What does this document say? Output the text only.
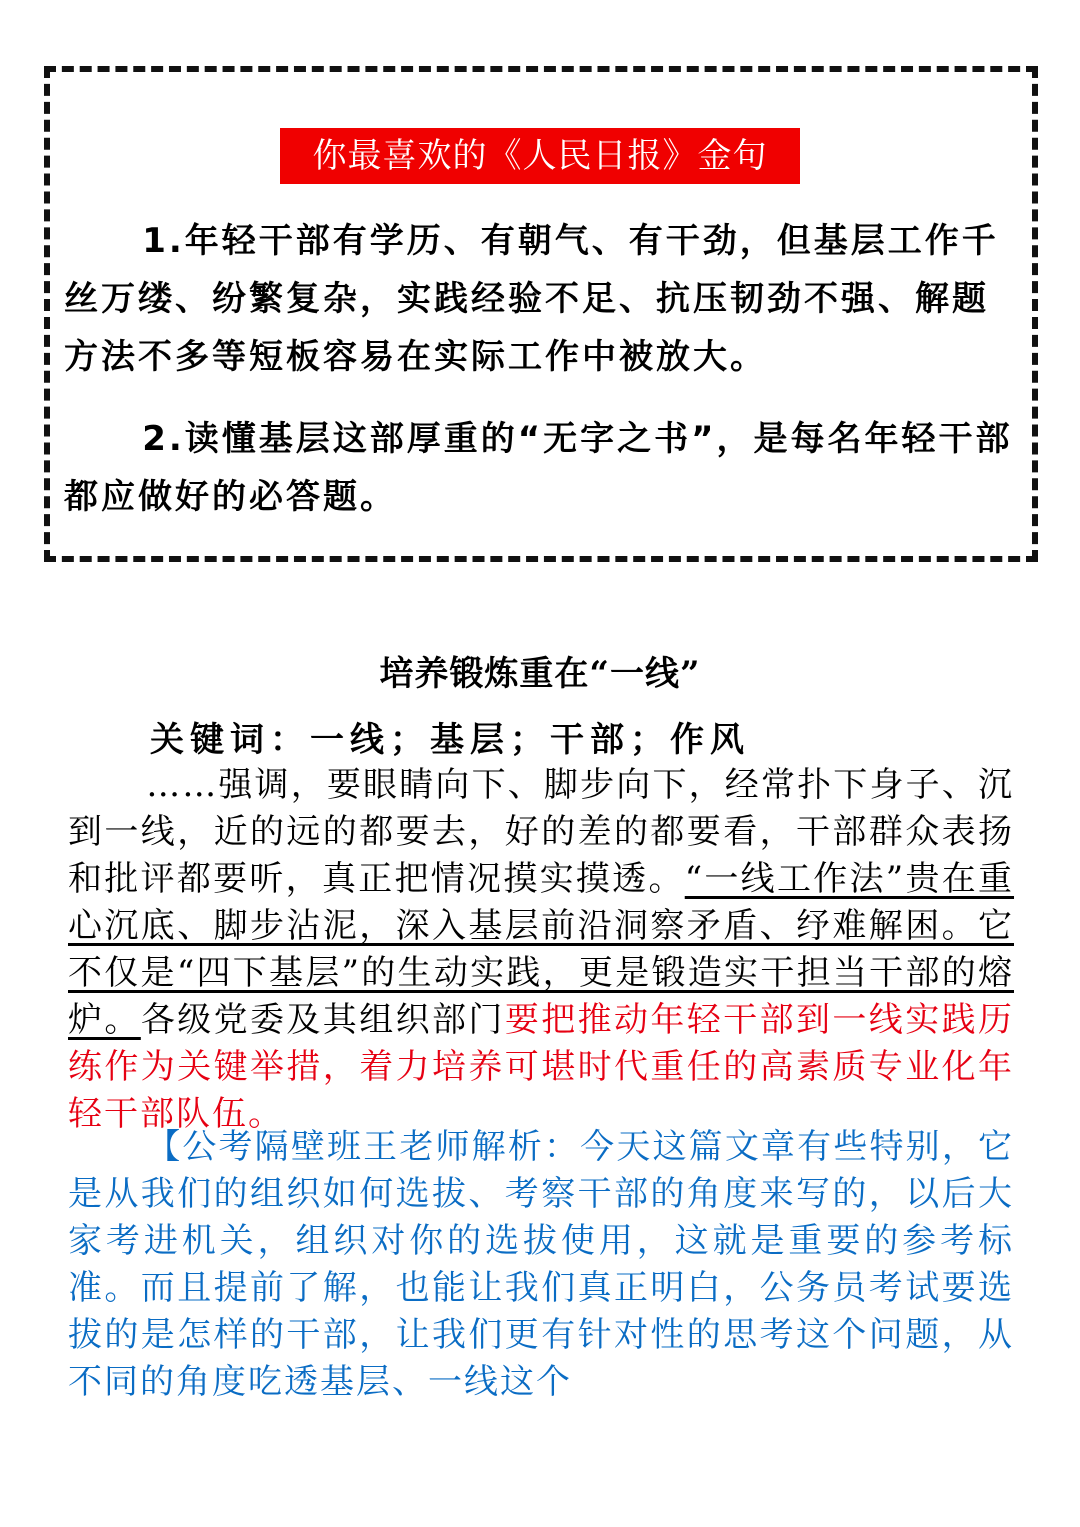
你最喜欢的《人民日报》金句

1.年轻干部有学历、有朝气、有干劲，但基层工作千丝万缕、纷繁复杂，实践经验不足、抗压韧劲不强、解题方法不多等短板容易在实际工作中被放大。

2.读懂基层这部厚重的“无字之书”，是每名年轻干部都应做好的必答题。

培养锻炼重在“一线”
关键词：一线；基层；干部；作风

……强调，要眼睛向下、脚步向下，经常扑下身子、沉到一线，近的远的都要去，好的差的都要看，干部群众表扬和批评都要听，真正把情况摸实摸透。“一线工作法”贵在重心沉底、脚步沾泥，深入基层前沿洞察矛盾、纾难解困。它不仅是“四下基层”的生动实践，更是锻造实干担当干部的熔炉。各级党委及其组织部门要把推动年轻干部到一线实践历练作为关键举措，着力培养可堪时代重任的高素质专业化年轻干部队伍。

【公考隔壁班王老师解析：今天这篇文章有些特别，它是从我们的组织如何选拔、考察干部的角度来写的，以后大家考进机关，组织对你的选拔使用，这就是重要的参考标准。而且提前了解，也能让我们真正明白，公务员考试要选拔的是怎样的干部，让我们更有针对性的思考这个问题，从不同的角度吃透基层、一线这个
